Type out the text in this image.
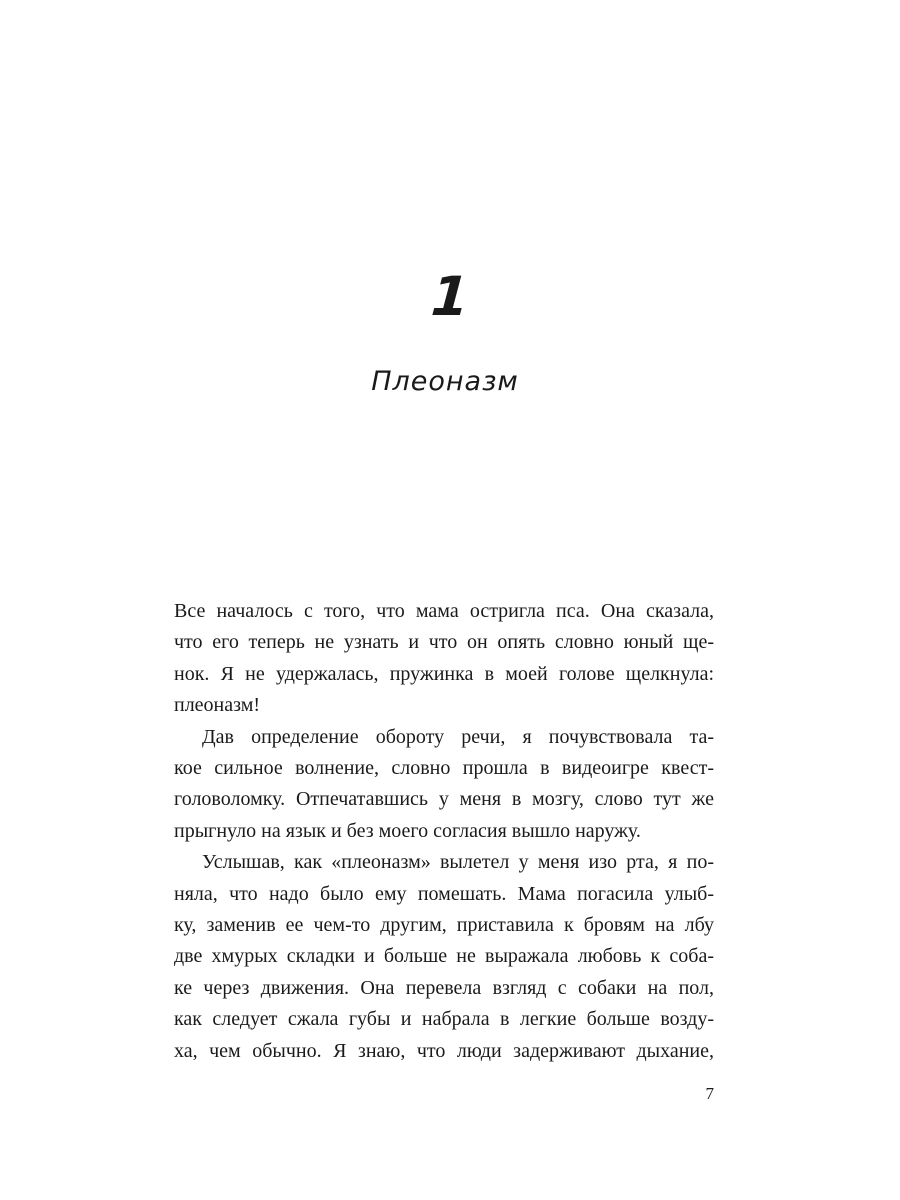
1
Плеоназм
Все началось с того, что мама остригла пса. Она сказала,
что его теперь не узнать и что он опять словно юный ще-
нок. Я не удержалась, пружинка в моей голове щелкнула:
плеоназм!
Дав определение обороту речи, я почувствовала та-
кое сильное волнение, словно прошла в видеоигре квест-
головоломку. Отпечатавшись у меня в мозгу, слово тут же
прыгнуло на язык и без моего согласия вышло наружу.
Услышав, как «плеоназм» вылетел у меня изо рта, я по-
няла, что надо было ему помешать. Мама погасила улыб-
ку, заменив ее чем-то другим, приставила к бровям на лбу
две хмурых складки и больше не выражала любовь к соба-
ке через движения. Она перевела взгляд с собаки на пол,
как следует сжала губы и набрала в легкие больше возду-
ха, чем обычно. Я знаю, что люди задерживают дыхание,
7
